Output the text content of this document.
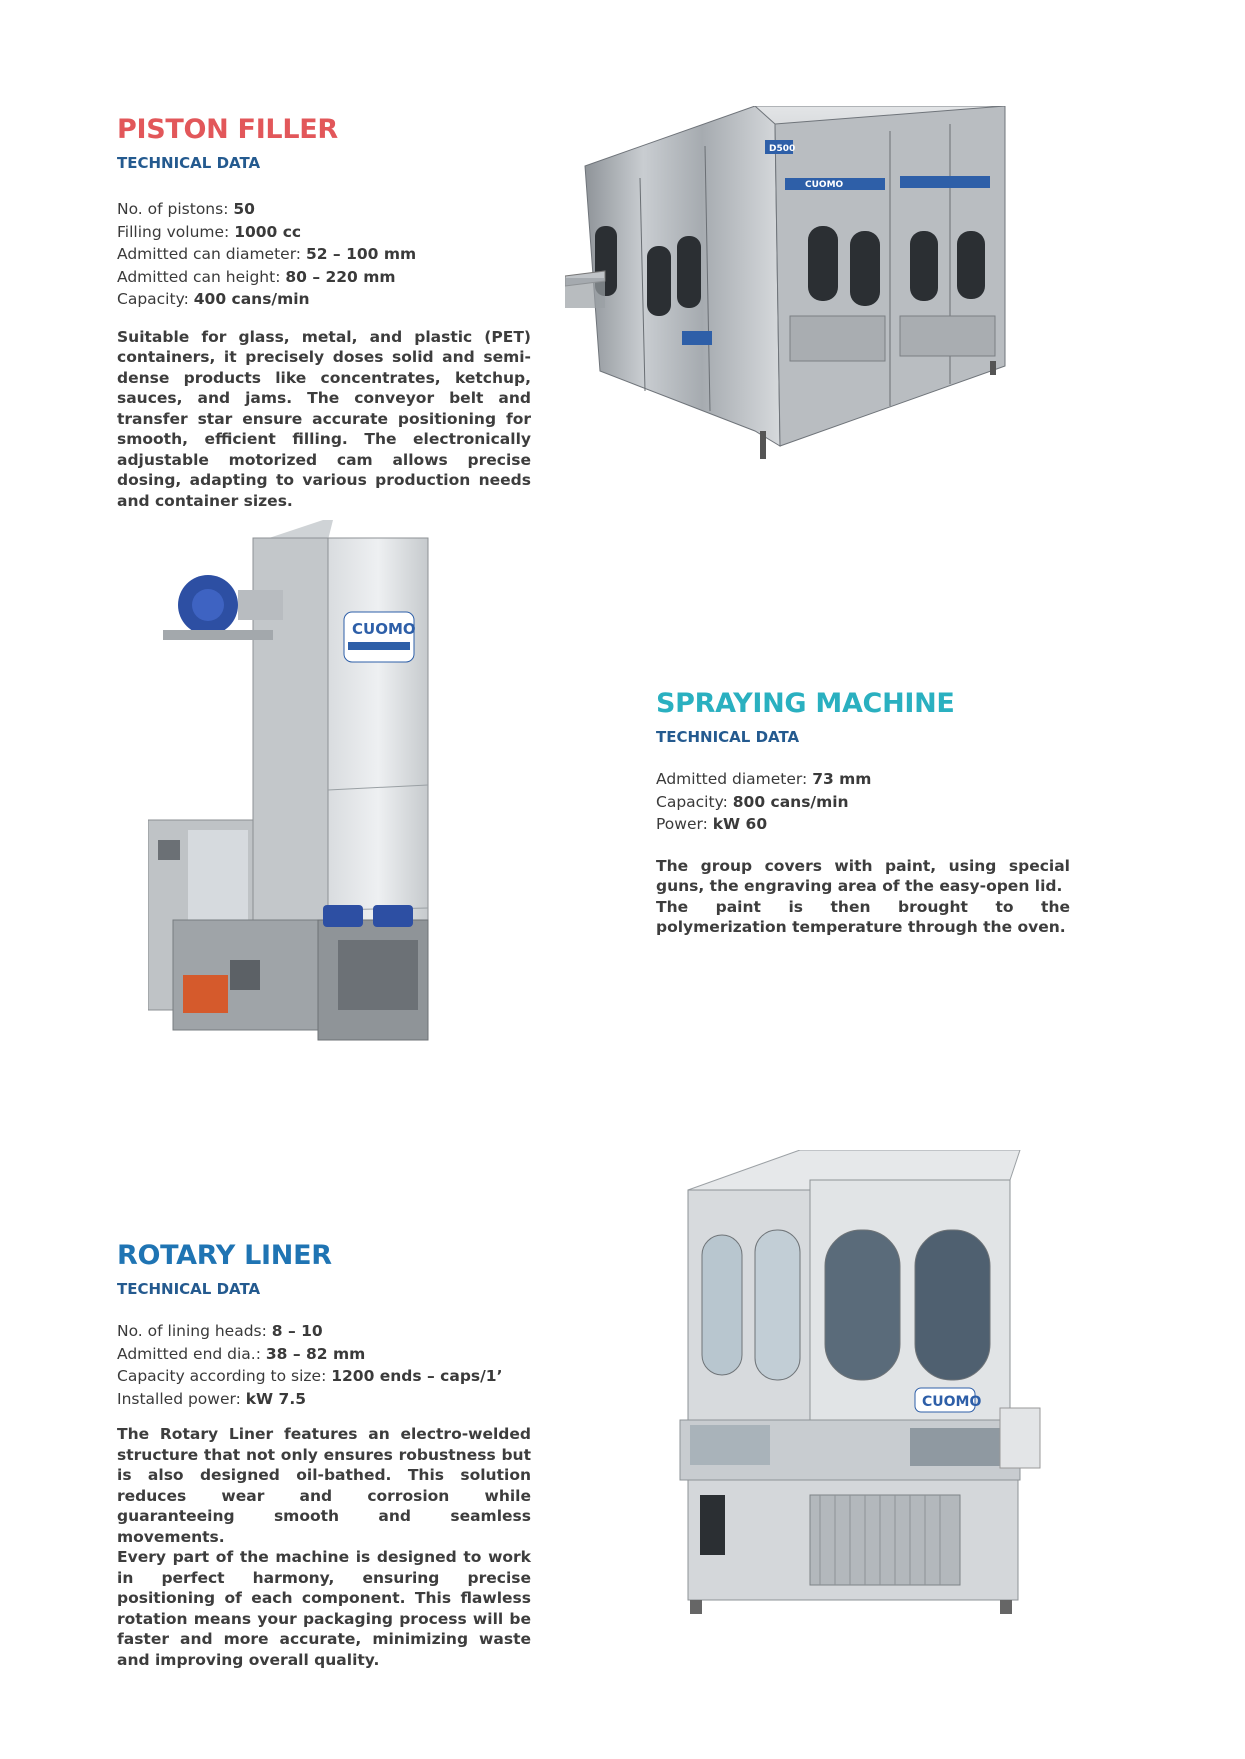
PISTON FILLER
TECHNICAL DATA
No. of pistons: 50
Filling volume: 1000 cc
Admitted can diameter: 52 – 100 mm
Admitted can height: 80 – 220 mm
Capacity: 400 cans/min

Suitable for glass, metal, and plastic (PET) containers, it precisely doses solid and semi-dense products like concentrates, ketchup, sauces, and jams. The conveyor belt and transfer star ensure accurate positioning for smooth, efficient filling. The electronically adjustable motorized cam allows precise dosing, adapting to various production needs and container sizes.

CUOMO
D500
CUOMO
SPRAYING MACHINE
TECHNICAL DATA
Admitted diameter: 73 mm
Capacity: 800 cans/min
Power: kW 60

The group covers with paint, using special guns, the engraving area of the easy-open lid.

The paint is then brought to the polymerization temperature through the oven.

ROTARY LINER
TECHNICAL DATA
No. of lining heads: 8 – 10
Admitted end dia.: 38 – 82 mm
Capacity according to size: 1200 ends – caps/1’
Installed power: kW 7.5

The Rotary Liner features an electro-welded structure that not only ensures robustness but is also designed oil-bathed. This solution reduces wear and corrosion while guaranteeing smooth and seamless movements.

Every part of the machine is designed to work in perfect harmony, ensuring precise positioning of each component. This flawless rotation means your packaging process will be faster and more accurate, minimizing waste and improving overall quality.

CUOMO
